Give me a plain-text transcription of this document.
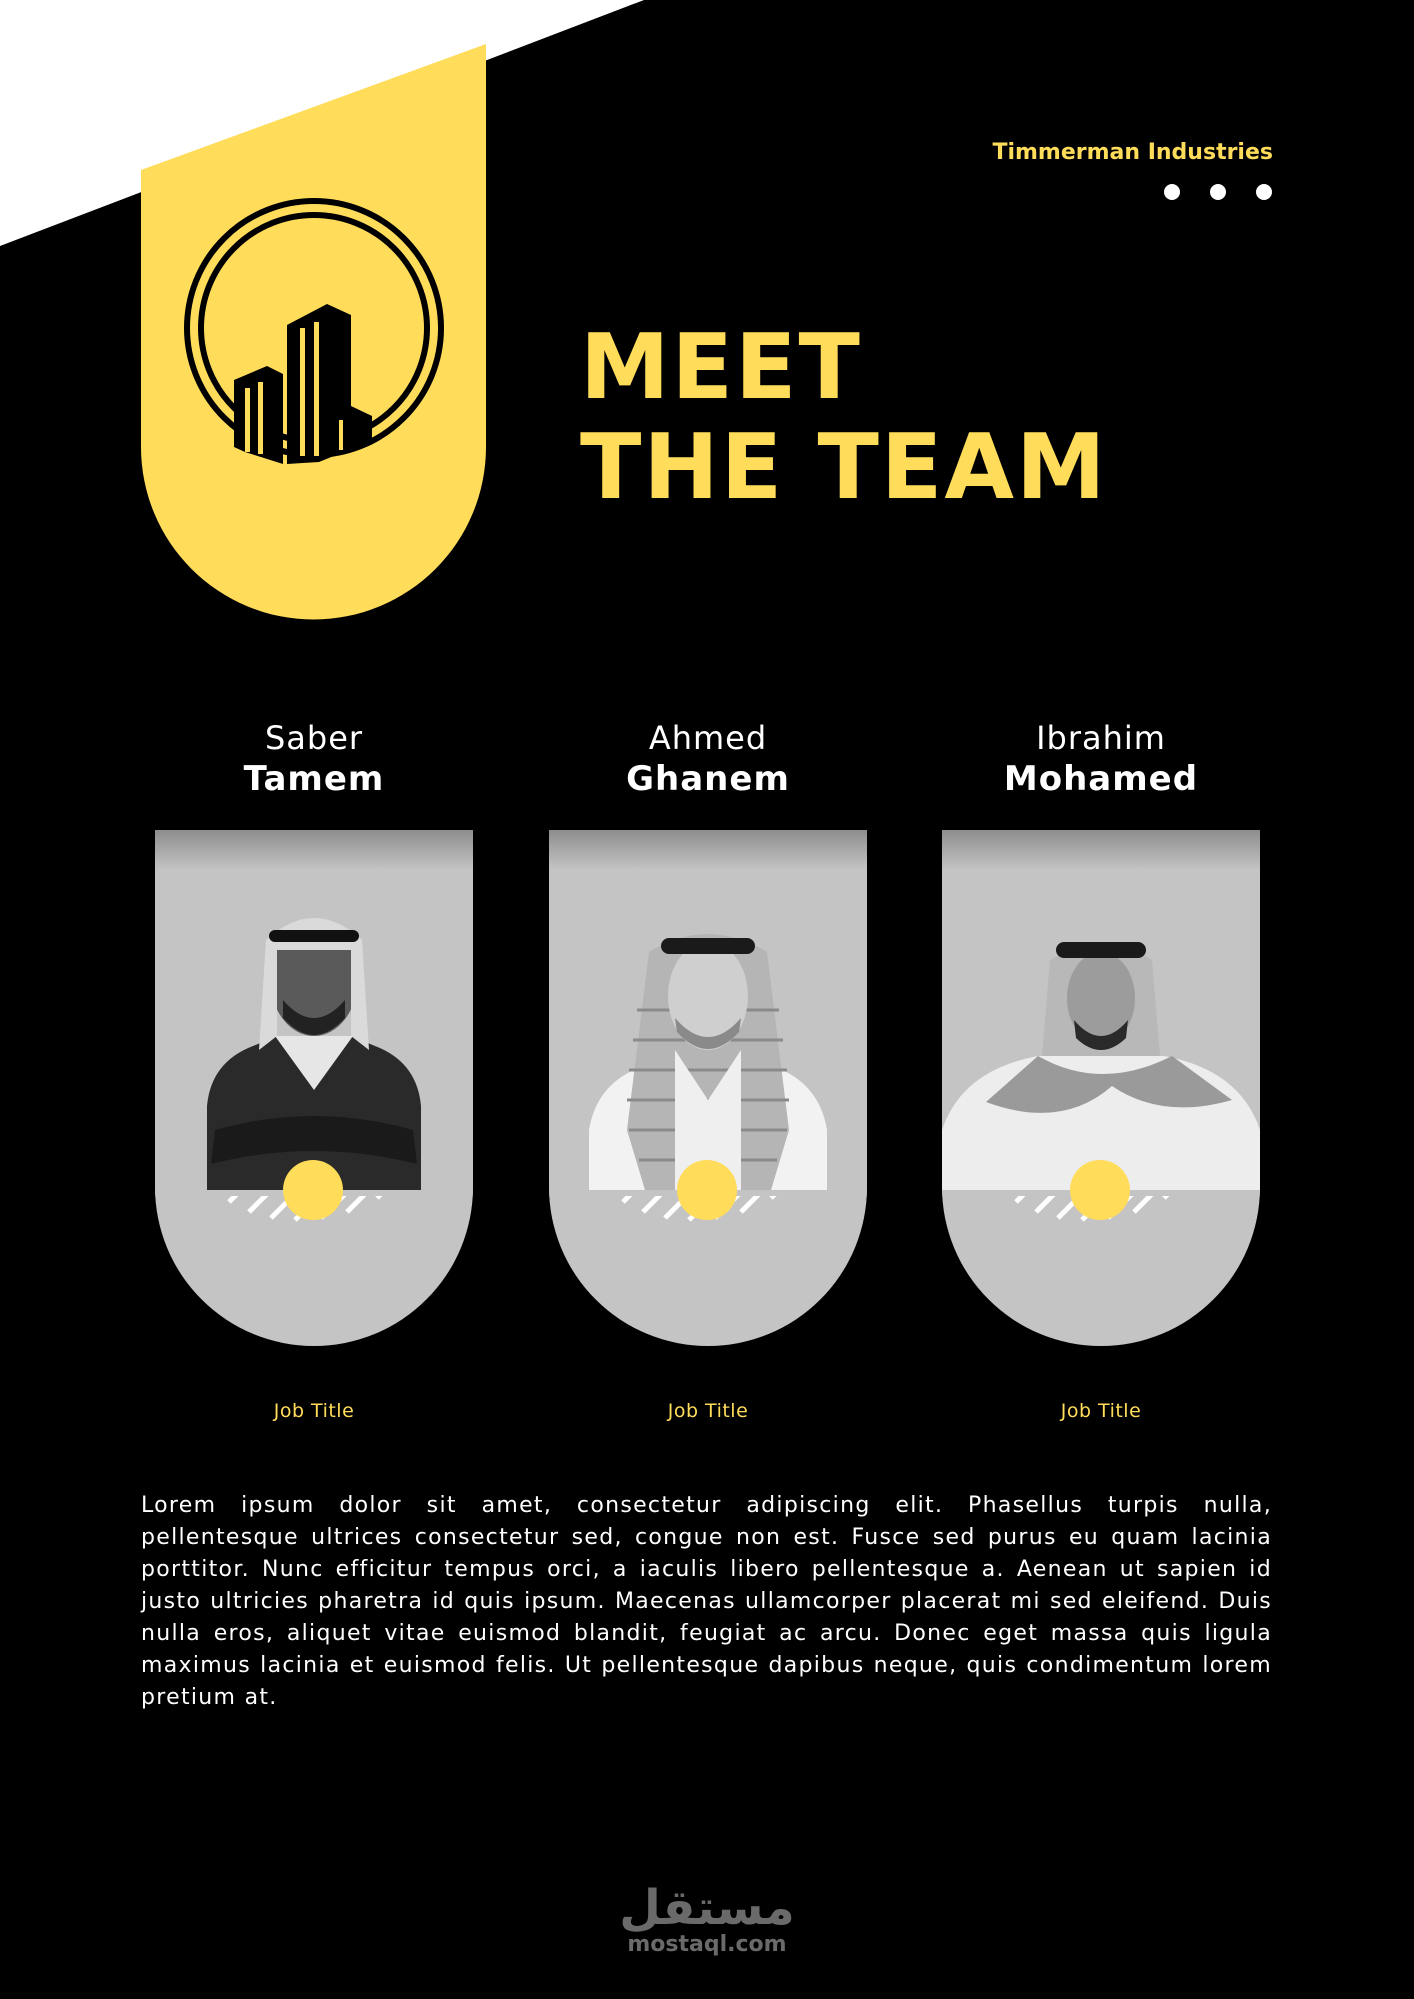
Timmerman Industries
MEET
THE TEAM
Saber
Tamem
Job Title
Ahmed
Ghanem
Job Title
Ibrahim
Mohamed
Job Title
Lorem ipsum dolor sit amet, consectetur adipiscing elit. Phasellus turpis nulla, pellentesque ultrices consectetur sed, congue non est. Fusce sed purus eu quam lacinia porttitor. Nunc efficitur tempus orci, a iaculis libero pellentesque a. Aenean ut sapien id justo ultricies pharetra id quis ipsum. Maecenas ullamcorper placerat mi sed eleifend. Duis nulla eros, aliquet vitae euismod blandit, feugiat ac arcu. Donec eget massa quis ligula maximus lacinia et euismod felis. Ut pellentesque dapibus neque, quis condimentum lorem pretium at.
مستقل
mostaql.com
